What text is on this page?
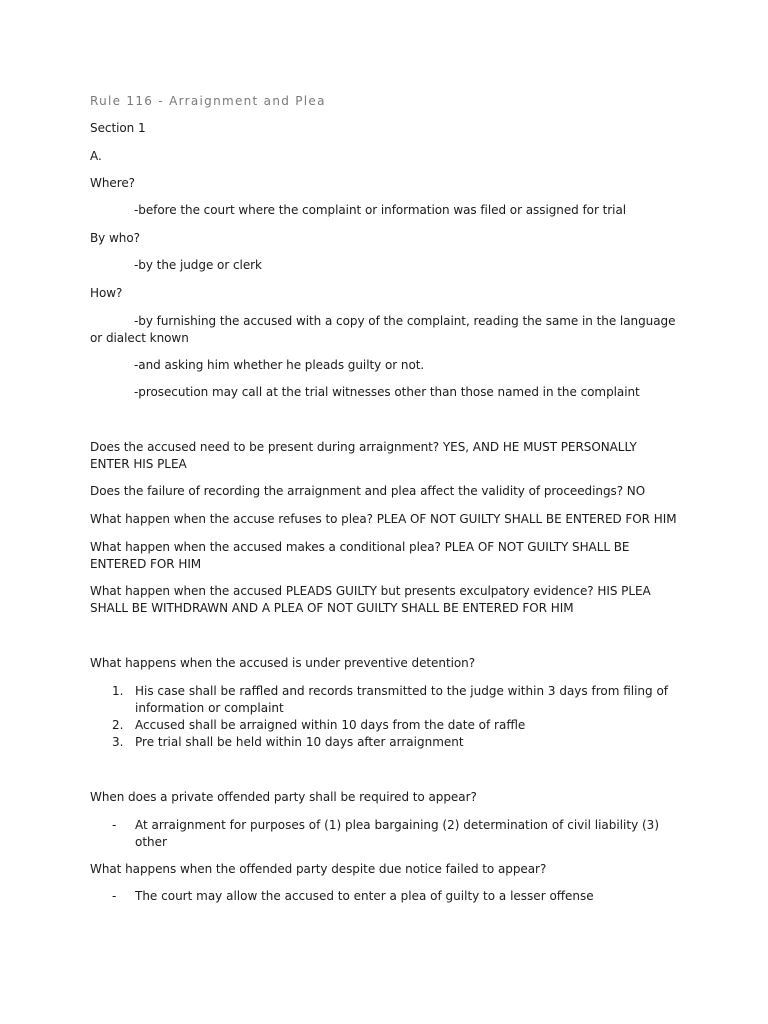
Rule 116 - Arraignment and Plea
Section 1
A.
Where?
-before the court where the complaint or information was filed or assigned for trial
By who?
-by the judge or clerk
How?
-by furnishing the accused with a copy of the complaint, reading the same in the language or dialect known
-and asking him whether he pleads guilty or not.
-prosecution may call at the trial witnesses other than those named in the complaint
Does the accused need to be present during arraignment? YES, AND HE MUST PERSONALLY ENTER HIS PLEA
Does the failure of recording the arraignment and plea affect the validity of proceedings? NO
What happen when the accuse refuses to plea? PLEA OF NOT GUILTY SHALL BE ENTERED FOR HIM
What happen when the accused makes a conditional plea? PLEA OF NOT GUILTY SHALL BE ENTERED FOR HIM
What happen when the accused PLEADS GUILTY but presents exculpatory evidence? HIS PLEA SHALL BE WITHDRAWN AND A PLEA OF NOT GUILTY SHALL BE ENTERED FOR HIM
What happens when the accused is under preventive detention?
1. His case shall be raffled and records transmitted to the judge within 3 days from filing of information or complaint
2. Accused shall be arraigned within 10 days from the date of raffle
3. Pre trial shall be held within 10 days after arraignment
When does a private offended party shall be required to appear?
- At arraignment for purposes of (1) plea bargaining (2) determination of civil liability (3) other
What happens when the offended party despite due notice failed to appear?
- The court may allow the accused to enter a plea of guilty to a lesser offense
